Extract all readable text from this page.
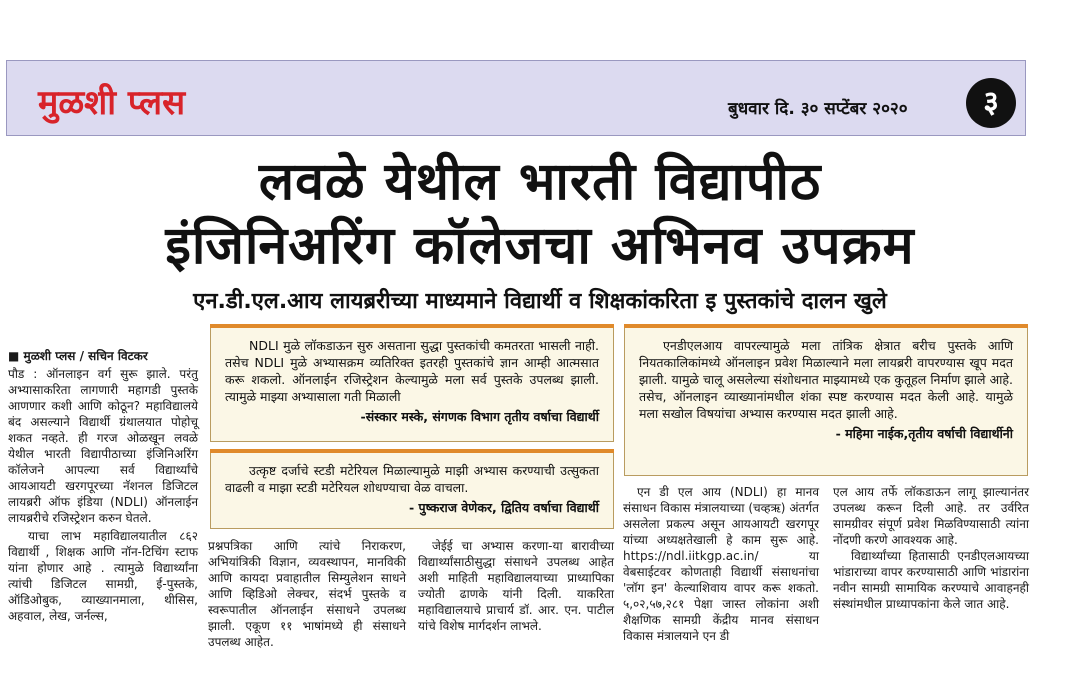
मुळशी प्लस	बुधवार दि. ३० सप्टेंबर २०२०	३
लवळे येथील भारती विद्यापीठ
इंजिनिअरिंग कॉलेजचा अभिनव उपक्रम
एन.डी.एल.आय लायब्ररीच्या माध्यमाने विद्यार्थी व शिक्षकांकरिता इ पुस्तकांचे दालन खुले

■ मुळशी प्लस / सचिन विटकर

पौड : ऑनलाइन वर्ग सुरू झाले. परंतु अभ्यासाकरिता लागणारी महागडी पुस्तके आणणार कशी आणि कोठून? महाविद्यालये बंद असल्याने विद्यार्थी ग्रंथालयात पोहोचू शकत नव्हते. ही गरज ओळखून लवळे येथील भारती विद्यापीठाच्या इंजिनिअरिंग कॉलेजने आपल्या सर्व विद्यार्थ्यांचे आयआयटी खरगपूरच्या नॅशनल डिजिटल लायब्ररी ऑफ इंडिया (NDLI) ऑनलाईन लायब्ररीचे रजिस्ट्रेशन करुन घेतले.

याचा लाभ महाविद्यालयातील ८६२ विद्यार्थी , शिक्षक आणि नॉन-टिचिंग स्टाफ यांना होणार आहे . त्यामुळे विद्यार्थ्यांना त्यांची डिजिटल सामग्री, ई-पुस्तके, ऑडिओबुक, व्याख्यानमाला, थीसिस, अहवाल, लेख, जर्नल्स,

NDLI मुळे लॉकडाऊन सुरु असताना सुद्धा पुस्तकांची कमतरता भासली नाही. तसेच NDLI मुळे अभ्यासक्रम व्यतिरिक्त इतरही पुस्तकांचे ज्ञान आम्ही आत्मसात करू शकलो. ऑनलाईन रजिस्ट्रेशन केल्यामुळे मला सर्व पुस्तके उपलब्ध झाली. त्यामुळे माझ्या अभ्यासाला गती मिळाली
-संस्कार मस्के, संगणक विभाग तृतीय वर्षाचा विद्यार्थी
उत्कृष्ट दर्जाचे स्टडी मटेरियल मिळाल्यामुळे माझी अभ्यास करण्याची उत्सुकता वाढली व माझा स्टडी मटेरियल शोधण्याचा वेळ वाचला.
- पुष्कराज वेणेकर, द्वितिय वर्षाचा विद्यार्थी
एनडीएलआय वापरल्यामुळे मला तांत्रिक क्षेत्रात बरीच पुस्तके आणि नियतकालिकांमध्ये ऑनलाइन प्रवेश मिळाल्याने मला लायब्ररी वापरण्यास खूप मदत झाली. यामुळे चालू असलेल्या संशोधनात माझ्यामध्ये एक कुतूहल निर्माण झाले आहे. तसेच, ऑनलाइन व्याख्यानांमधील शंका स्पष्ट करण्यास मदत केली आहे. यामुळे मला सखोल विषयांचा अभ्यास करण्यास मदत झाली आहे.
- महिमा नाईक,तृतीय वर्षाची विद्यार्थीनी
प्रश्नपत्रिका आणि त्यांचे निराकरण, अभियांत्रिकी विज्ञान, व्यवस्थापन, मानविकी आणि कायदा प्रवाहातील सिम्युलेशन साधने आणि व्हिडिओ लेक्चर, संदर्भ पुस्तके व स्वरूपातील ऑनलाईन संसाधने उपलब्ध झाली. एकूण ११ भाषांमध्ये ही संसाधने उपलब्ध आहेत.
जेईई चा अभ्यास करणा-या बारावीच्या विद्यार्थ्यांसाठीसुद्धा संसाधने उपलब्ध आहेत अशी माहिती महाविद्यालयाच्या प्राध्यापिका ज्योती ढाणके यांनी दिली. याकरिता महाविद्यालयाचे प्राचार्य डॉ. आर. एन. पाटील यांचे विशेष मार्गदर्शन लाभले.
एन डी एल आय (NDLI) हा मानव संसाधन विकास मंत्रालयाच्या (चव्हऋ) अंतर्गत असलेला प्रकल्प असून आयआयटी खरगपूर यांच्या अध्यक्षतेखाली हे काम सुरू आहे. https://ndl.iitkgp.ac.in/ या वेबसाईटवर कोणताही विद्यार्थी संसाधनांचा 'लॉग इन' केल्याशिवाय वापर करू शकतो. ५,०२,५७,२८१ पेक्षा जास्त लोकांना अशी शैक्षणिक सामग्री केंद्रीय मानव संसाधन विकास मंत्रालयाने एन डी
एल आय तर्फे लॉकडाऊन लागू झाल्यानंतर उपलब्ध करून दिली आहे. तर उर्वरित सामग्रीवर संपूर्ण प्रवेश मिळविण्यासाठी त्यांना नोंदणी करणे आवश्यक आहे.
विद्यार्थ्यांच्या हितासाठी एनडीएलआयच्या भांडाराच्या वापर करण्यासाठी आणि भांडारांना नवीन सामग्री सामायिक करण्याचे आवाहनही संस्थांमधील प्राध्यापकांना केले जात आहे.
